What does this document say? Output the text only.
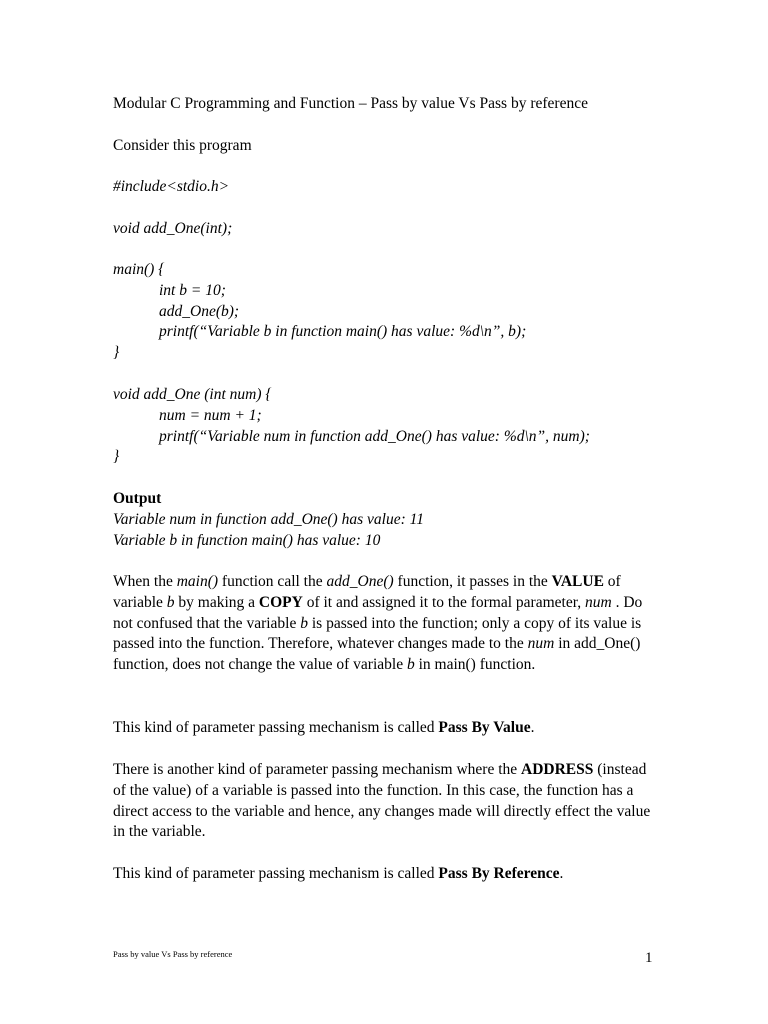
Modular C Programming and Function – Pass by value Vs Pass by reference
Consider this program
#include<stdio.h>
void add_One(int);
main() {
int b = 10;
add_One(b);
printf(“Variable b in function main() has value: %d\n”, b);
}
void add_One (int num) {
num = num + 1;
printf(“Variable num in function add_One() has value: %d\n”, num);
}
Output
Variable num in function add_One() has value: 11
Variable b in function main() has value: 10
When the main() function call the add_One() function, it passes in the VALUE of variable b by making a COPY of it and assigned it to the formal parameter, num . Do not confused that the variable b is passed into the function; only a copy of its value is passed into the function. Therefore, whatever changes made to the num in add_One() function, does not change the value of variable b in main() function.
This kind of parameter passing mechanism is called Pass By Value.
There is another kind of parameter passing mechanism where the ADDRESS (instead of the value) of a variable is passed into the function. In this case, the function has a direct access to the variable and hence, any changes made will directly effect the value in the variable.
This kind of parameter passing mechanism is called Pass By Reference.
Pass by value Vs Pass by reference	1
